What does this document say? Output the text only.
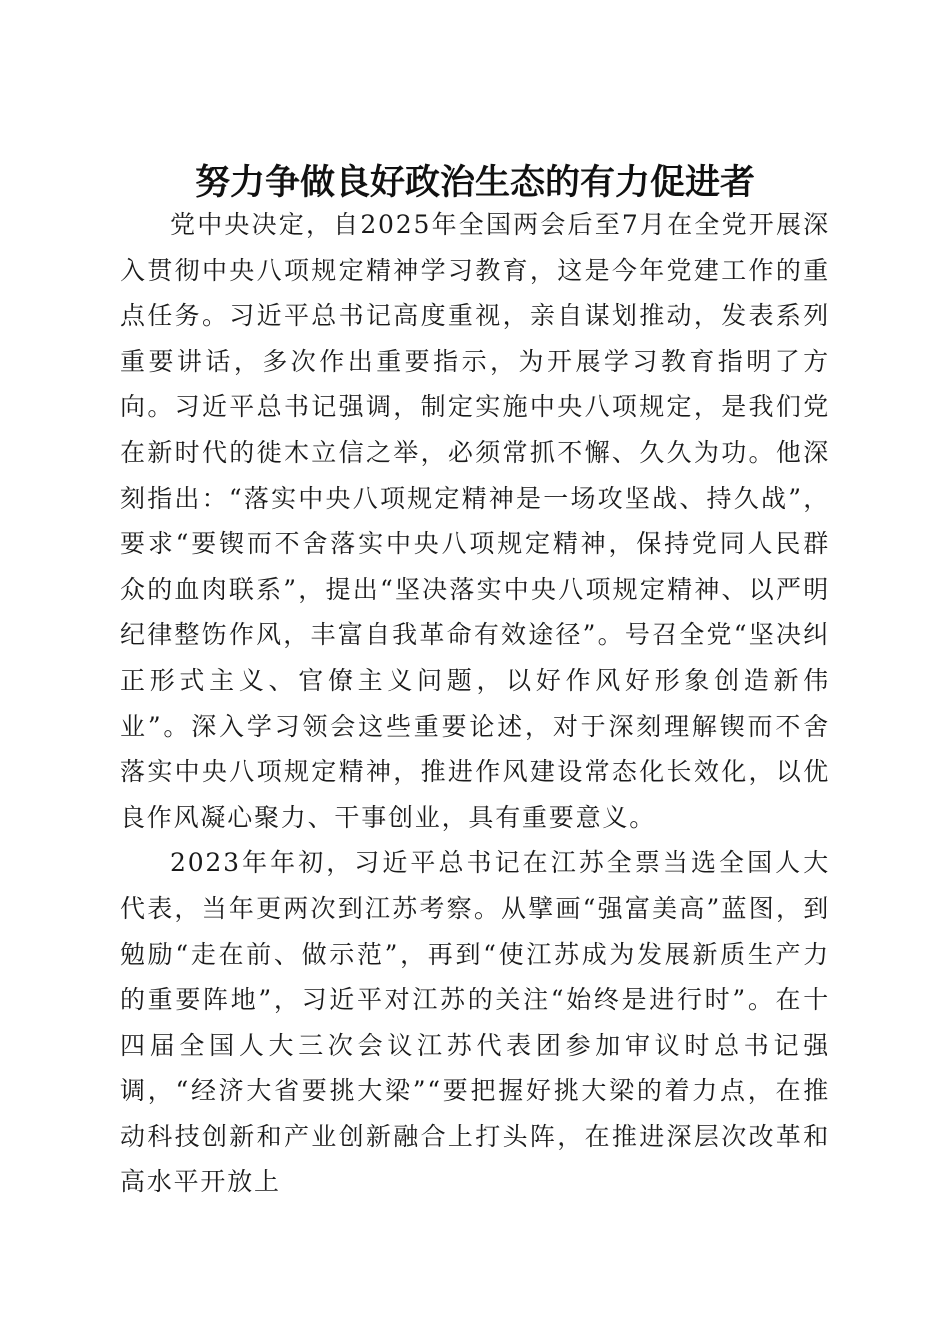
努力争做良好政治生态的有力促进者

党中央决定，自2025年全国两会后至7月在全党开展深入贯彻中央八项规定精神学习教育，这是今年党建工作的重点任务。习近平总书记高度重视，亲自谋划推动，发表系列重要讲话，多次作出重要指示，为开展学习教育指明了方向。习近平总书记强调，制定实施中央八项规定，是我们党在新时代的徙木立信之举，必须常抓不懈、久久为功。他深刻指出：“落实中央八项规定精神是一场攻坚战、持久战”，要求“要锲而不舍落实中央八项规定精神，保持党同人民群众的血肉联系”，提出“坚决落实中央八项规定精神、以严明纪律整饬作风，丰富自我革命有效途径”。号召全党“坚决纠正形式主义、官僚主义问题，以好作风好形象创造新伟业”。深入学习领会这些重要论述，对于深刻理解锲而不舍落实中央八项规定精神，推进作风建设常态化长效化，以优良作风凝心聚力、干事创业，具有重要意义。

2023年年初，习近平总书记在江苏全票当选全国人大代表，当年更两次到江苏考察。从擘画“强富美高”蓝图，到勉励“走在前、做示范”，再到“使江苏成为发展新质生产力的重要阵地”，习近平对江苏的关注“始终是进行时”。在十四届全国人大三次会议江苏代表团参加审议时总书记强调，“经济大省要挑大梁”“要把握好挑大梁的着力点，在推动科技创新和产业创新融合上打头阵，在推进深层次改革和高水平开放上
